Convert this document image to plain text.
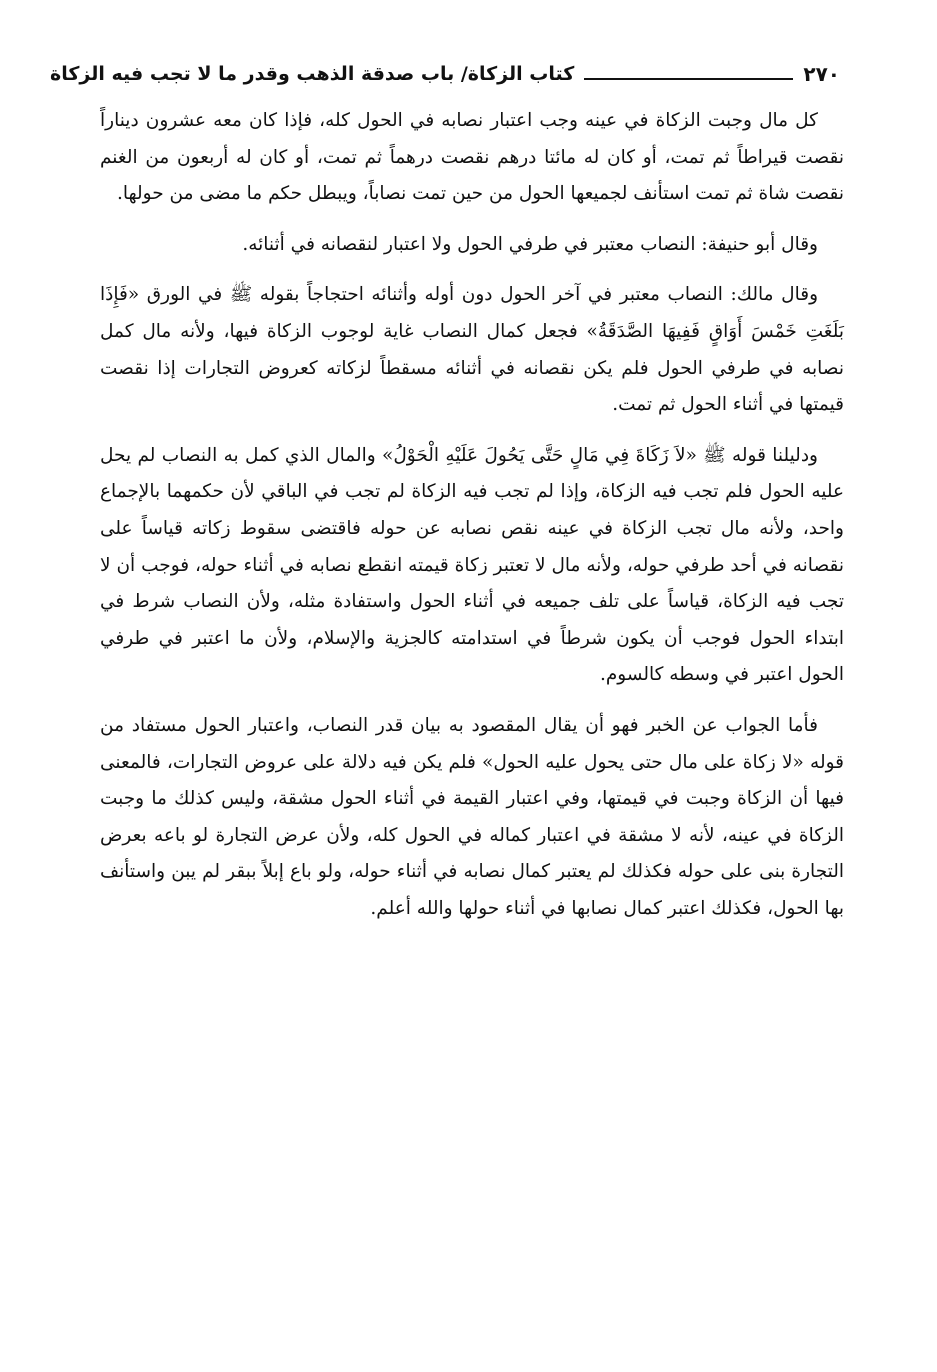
٢٧٠
كتاب الزكاة/ باب صدقة الذهب وقدر ما لا تجب فيه الزكاة

كل مال وجبت الزكاة في عينه وجب اعتبار نصابه في الحول كله، فإذا كان معه عشرون ديناراً نقصت قيراطاً ثم تمت، أو كان له مائتا درهم نقصت درهماً ثم تمت، أو كان له أربعون من الغنم نقصت شاة ثم تمت استأنف لجميعها الحول من حين تمت نصاباً، ويبطل حكم ما مضى من حولها.

وقال أبو حنيفة: النصاب معتبر في طرفي الحول ولا اعتبار لنقصانه في أثنائه.

وقال مالك: النصاب معتبر في آخر الحول دون أوله وأثنائه احتجاجاً بقوله ﷺ في الورق «فَإِذَا بَلَغَتِ خَمْسَ أَوَاقٍ فَفِيهَا الصَّدَقَةُ» فجعل كمال النصاب غاية لوجوب الزكاة فيها، ولأنه مال كمل نصابه في طرفي الحول فلم يكن نقصانه في أثنائه مسقطاً لزكاته كعروض التجارات إذا نقصت قيمتها في أثناء الحول ثم تمت.

ودليلنا قوله ﷺ «لاَ زَكَاةَ فِي مَالٍ حَتَّى يَحُولَ عَلَيْهِ الْحَوْلُ» والمال الذي كمل به النصاب لم يحل عليه الحول فلم تجب فيه الزكاة، وإذا لم تجب فيه الزكاة لم تجب في الباقي لأن حكمهما بالإجماع واحد، ولأنه مال تجب الزكاة في عينه نقص نصابه عن حوله فاقتضى سقوط زكاته قياساً على نقصانه في أحد طرفي حوله، ولأنه مال لا تعتبر زكاة قيمته انقطع نصابه في أثناء حوله، فوجب أن لا تجب فيه الزكاة، قياساً على تلف جميعه في أثناء الحول واستفادة مثله، ولأن النصاب شرط في ابتداء الحول فوجب أن يكون شرطاً في استدامته كالجزية والإسلام، ولأن ما اعتبر في طرفي الحول اعتبر في وسطه كالسوم.

فأما الجواب عن الخبر فهو أن يقال المقصود به بيان قدر النصاب، واعتبار الحول مستفاد من قوله «لا زكاة على مال حتى يحول عليه الحول» فلم يكن فيه دلالة على عروض التجارات، فالمعنى فيها أن الزكاة وجبت في قيمتها، وفي اعتبار القيمة في أثناء الحول مشقة، وليس كذلك ما وجبت الزكاة في عينه، لأنه لا مشقة في اعتبار كماله في الحول كله، ولأن عرض التجارة لو باعه بعرض التجارة بنى على حوله فكذلك لم يعتبر كمال نصابه في أثناء حوله، ولو باع إبلاً ببقر لم يبن واستأنف بها الحول، فكذلك اعتبر كمال نصابها في أثناء حولها والله أعلم.
